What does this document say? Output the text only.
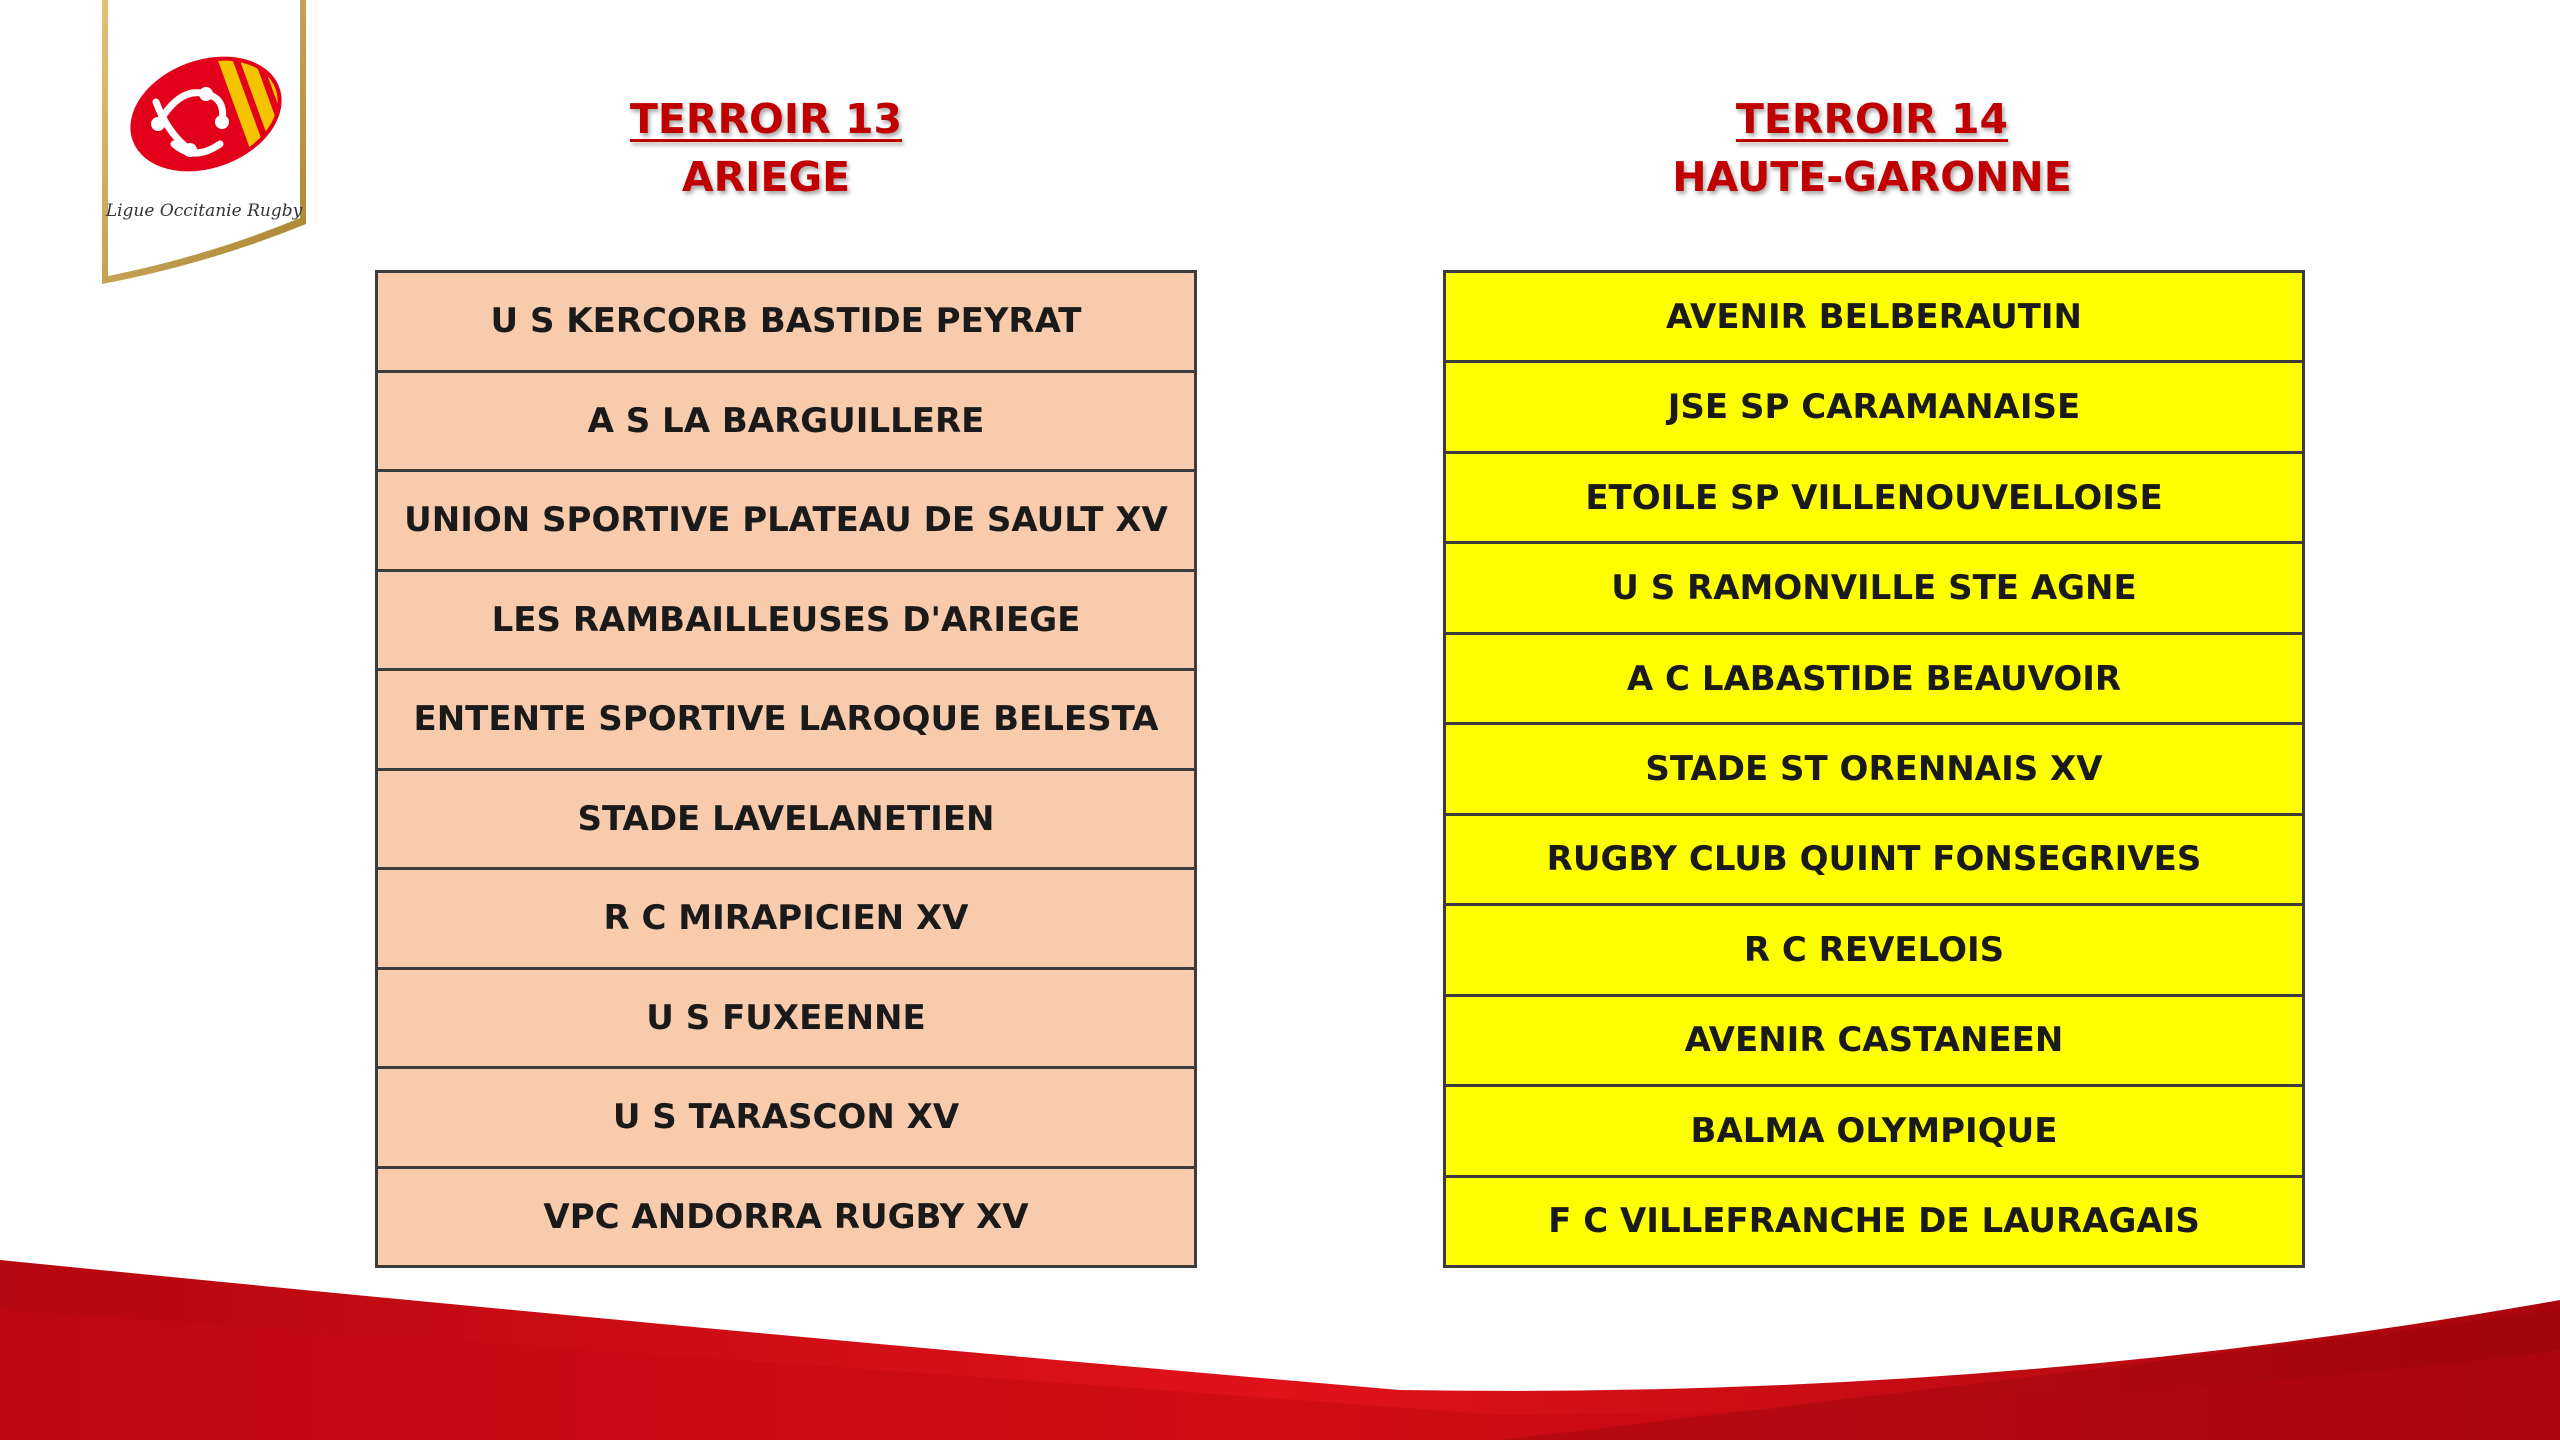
Ligue Occitanie Rugby
TERROIR 13
ARIEGE
TERROIR 14
HAUTE-GARONNE
U S KERCORB BASTIDE PEYRAT
A S LA BARGUILLERE
UNION SPORTIVE PLATEAU DE SAULT XV
LES RAMBAILLEUSES D'ARIEGE
ENTENTE SPORTIVE LAROQUE BELESTA
STADE LAVELANETIEN
R C MIRAPICIEN XV
U S FUXEENNE
U S TARASCON XV
VPC ANDORRA RUGBY XV
AVENIR BELBERAUTIN
JSE SP CARAMANAISE
ETOILE SP VILLENOUVELLOISE
U S RAMONVILLE STE AGNE
A C LABASTIDE BEAUVOIR
STADE ST ORENNAIS XV
RUGBY CLUB QUINT FONSEGRIVES
R C REVELOIS
AVENIR CASTANEEN
BALMA OLYMPIQUE
F C VILLEFRANCHE DE LAURAGAIS
